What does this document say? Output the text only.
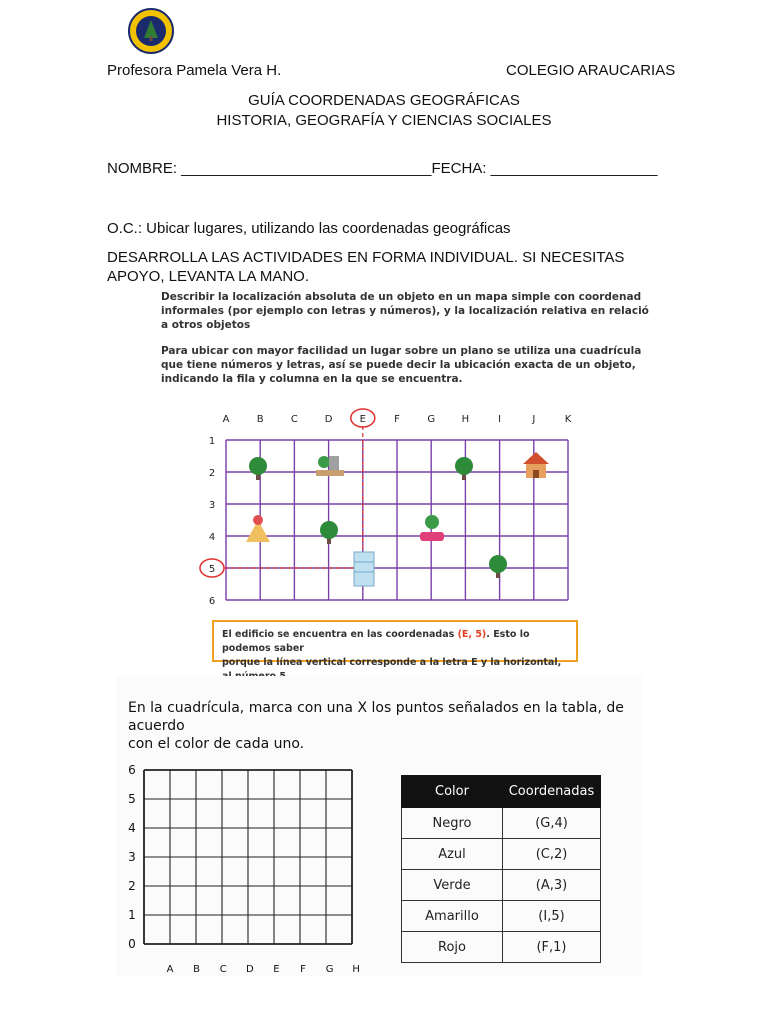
Profesora Pamela Vera H.	COLEGIO ARAUCARIAS
GUÍA COORDENADAS GEOGRÁFICAS
HISTORIA, GEOGRAFÍA Y CIENCIAS SOCIALES
NOMBRE: ______________________________FECHA: ____________________
O.C.: Ubicar lugares, utilizando las coordenadas geográficas
DESARROLLA LAS ACTIVIDADES EN FORMA INDIVIDUAL. SI NECESITAS
APOYO, LEVANTA LA MANO.
Describir la localización absoluta de un objeto en un mapa simple con coordenad
informales (por ejemplo con letras y números), y la localización relativa en relació
a otros objetos
Para ubicar con mayor facilidad un lugar sobre un plano se utiliza una cuadrícula
que tiene números y letras, así se puede decir la ubicación exacta de un objeto,
indicando la fila y columna en la que se encuentra.
A	B	C	D	E	F	G	H	I	J	K
1
2
3
4
5
6
El edificio se encuentra en las coordenadas (E, 5). Esto lo podemos saber
porque la línea vertical corresponde a la letra E y la horizontal,
En la cuadrícula, marca con una X los puntos señalados en la tabla, de acuerdo
con el color de cada uno.
0
1
2
3
4
5
6
A B C D E F G H
Color	Coordenadas
Negro	(G,4)
Azul	(C,2)
Verde	(A,3)
Amarillo	(I,5)
Rojo	(F,1)
